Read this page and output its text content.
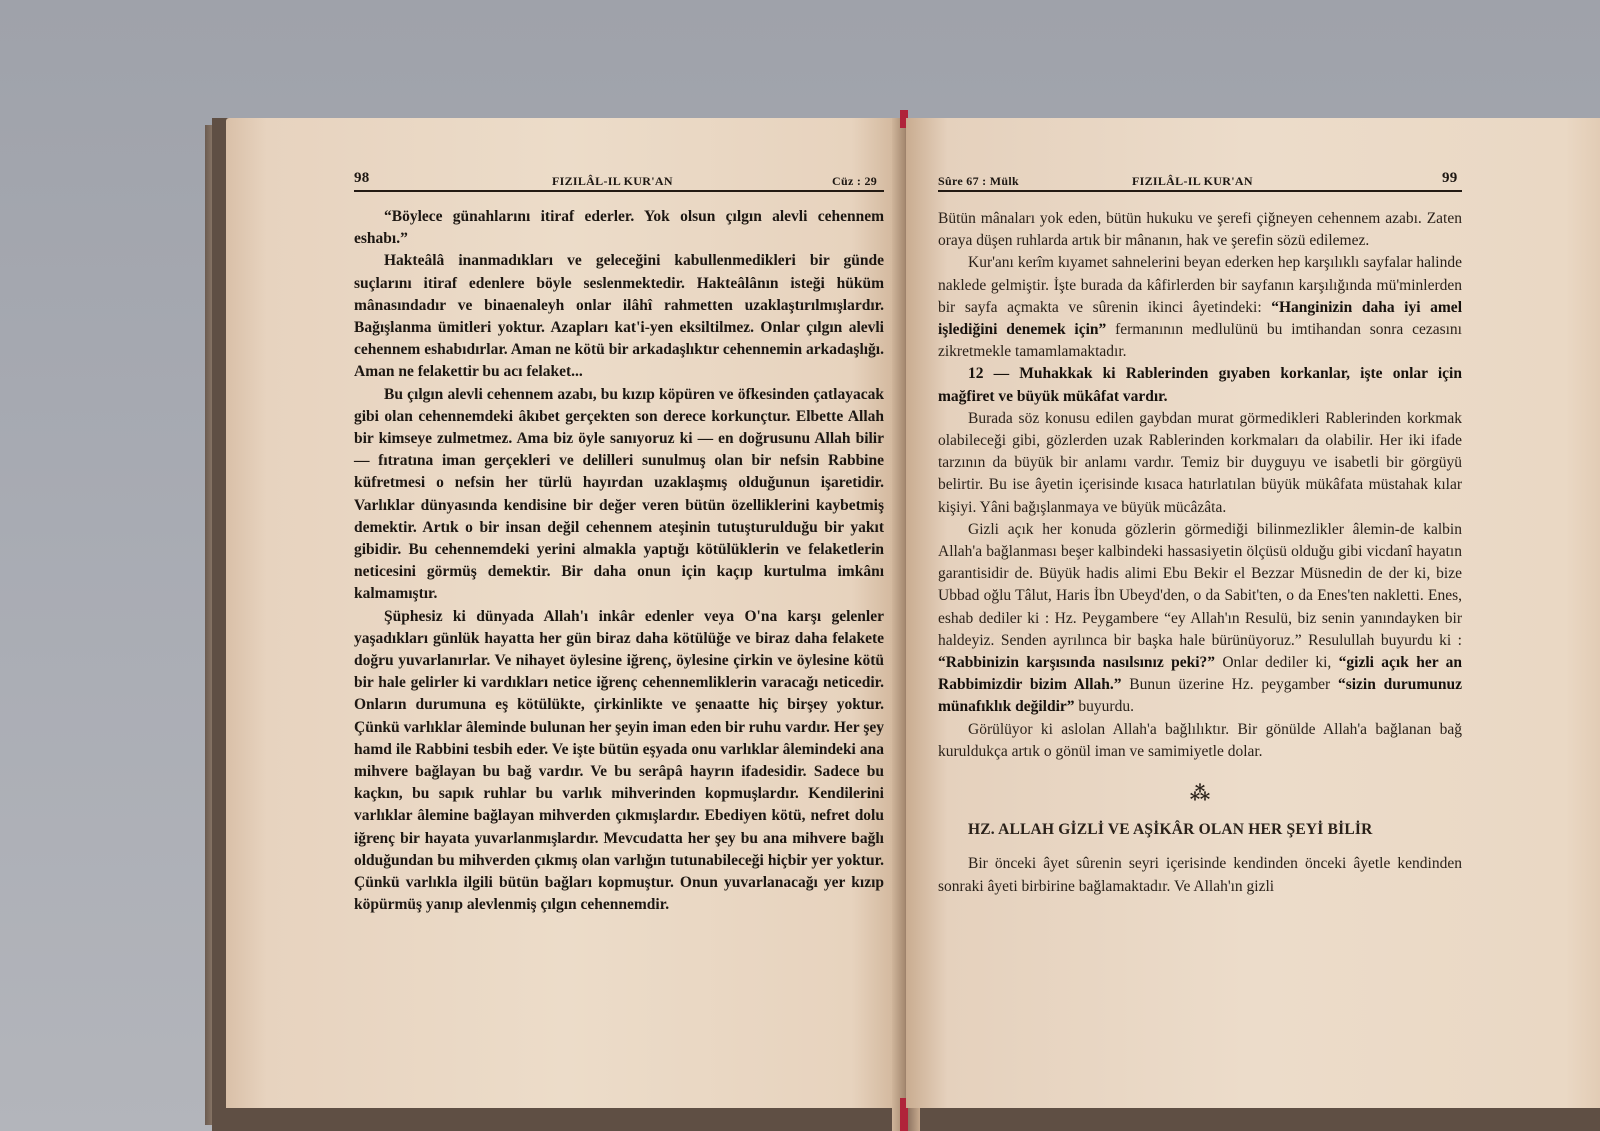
98	FIZILÂL-IL KUR'AN	Cüz : 29

“Böylece günahlarını itiraf ederler. Yok olsun çılgın alevli cehennem eshabı.”

Hakteâlâ inanmadıkları ve geleceğini kabullenmedikleri bir günde suçlarını itiraf edenlere böyle seslenmektedir. Hakteâlânın isteği hüküm mânasındadır ve binaenaleyh onlar ilâhî rahmetten uzaklaştırılmışlardır. Bağışlanma ümitleri yoktur. Azapları kat'i-yen eksiltilmez. Onlar çılgın alevli cehennem eshabıdırlar. Aman ne kötü bir arkadaşlıktır cehennemin arkadaşlığı. Aman ne felakettir bu acı felaket...

Bu çılgın alevli cehennem azabı, bu kızıp köpüren ve öfkesinden çatlayacak gibi olan cehennemdeki âkıbet gerçekten son derece korkunçtur. Elbette Allah bir kimseye zulmetmez. Ama biz öyle sanıyoruz ki — en doğrusunu Allah bilir — fıtratına iman gerçekleri ve delilleri sunulmuş olan bir nefsin Rabbine küfretmesi o nefsin her türlü hayırdan uzaklaşmış olduğunun işaretidir. Varlıklar dünyasında kendisine bir değer veren bütün özelliklerini kaybetmiş demektir. Artık o bir insan değil cehennem ateşinin tutuşturulduğu bir yakıt gibidir. Bu cehennemdeki yerini almakla yaptığı kötülüklerin ve felaketlerin neticesini görmüş demektir. Bir daha onun için kaçıp kurtulma imkânı kalmamıştır.

Şüphesiz ki dünyada Allah'ı inkâr edenler veya O'na karşı gelenler yaşadıkları günlük hayatta her gün biraz daha kötülüğe ve biraz daha felakete doğru yuvarlanırlar. Ve nihayet öylesine iğrenç, öylesine çirkin ve öylesine kötü bir hale gelirler ki vardıkları netice iğrenç cehennemliklerin varacağı neticedir. Onların durumuna eş kötülükte, çirkinlikte ve şenaatte hiç birşey yoktur. Çünkü varlıklar âleminde bulunan her şeyin iman eden bir ruhu vardır. Her şey hamd ile Rabbini tesbih eder. Ve işte bütün eşyada onu varlıklar âlemindeki ana mihvere bağlayan bu bağ vardır. Ve bu serâpâ hayrın ifadesidir. Sadece bu kaçkın, bu sapık ruhlar bu varlık mihverinden kopmuşlardır. Kendilerini varlıklar âlemine bağlayan mihverden çıkmışlardır. Ebediyen kötü, nefret dolu iğrenç bir hayata yuvarlanmışlardır. Mevcudatta her şey bu ana mihvere bağlı olduğundan bu mihverden çıkmış olan varlığın tutunabileceği hiçbir yer yoktur. Çünkü varlıkla ilgili bütün bağları kopmuştur. Onun yuvarlanacağı yer kızıp köpürmüş yanıp alevlenmiş çılgın cehennemdir.

Sûre 67 : Mülk	FIZILÂL-IL KUR'AN	99

Bütün mânaları yok eden, bütün hukuku ve şerefi çiğneyen cehennem azabı. Zaten oraya düşen ruhlarda artık bir mânanın, hak ve şerefin sözü edilemez.

Kur'anı kerîm kıyamet sahnelerini beyan ederken hep karşılıklı sayfalar halinde naklede gelmiştir. İşte burada da kâfirlerden bir sayfanın karşılığında mü'minlerden bir sayfa açmakta ve sûrenin ikinci âyetindeki: “Hanginizin daha iyi amel işlediğini denemek için” fermanının medlulünü bu imtihandan sonra cezasını zikretmekle tamamlamaktadır.

12 — Muhakkak ki Rablerinden gıyaben korkanlar, işte onlar için mağfiret ve büyük mükâfat vardır.

Burada söz konusu edilen gaybdan murat görmedikleri Rablerinden korkmak olabileceği gibi, gözlerden uzak Rablerinden korkmaları da olabilir. Her iki ifade tarzının da büyük bir anlamı vardır. Temiz bir duyguyu ve isabetli bir görgüyü belirtir. Bu ise âyetin içerisinde kısaca hatırlatılan büyük mükâfata müstahak kılar kişiyi. Yâni bağışlanmaya ve büyük mücâzâta.

Gizli açık her konuda gözlerin görmediği bilinmezlikler âlemin-de kalbin Allah'a bağlanması beşer kalbindeki hassasiyetin ölçüsü olduğu gibi vicdanî hayatın garantisidir de. Büyük hadis alimi Ebu Bekir el Bezzar Müsnedin de der ki, bize Ubbad oğlu Tâlut, Haris İbn Ubeyd'den, o da Sabit'ten, o da Enes'ten nakletti. Enes, eshab dediler ki : Hz. Peygambere “ey Allah'ın Resulü, biz senin yanındayken bir haldeyiz. Senden ayrılınca bir başka hale bürünüyoruz.” Resulullah buyurdu ki : “Rabbinizin karşısında nasılsınız peki?” Onlar dediler ki, “gizli açık her an Rabbimizdir bizim Allah.” Bunun üzerine Hz. peygamber “sizin durumunuz münafıklık değildir” buyurdu.

Görülüyor ki aslolan Allah'a bağlılıktır. Bir gönülde Allah'a bağlanan bağ kuruldukça artık o gönül iman ve samimiyetle dolar.

⁂
HZ. ALLAH GİZLİ VE AŞİKÂR OLAN HER ŞEYİ BİLİR

Bir önceki âyet sûrenin seyri içerisinde kendinden önceki âyetle kendinden sonraki âyeti birbirine bağlamaktadır. Ve Allah'ın gizli
